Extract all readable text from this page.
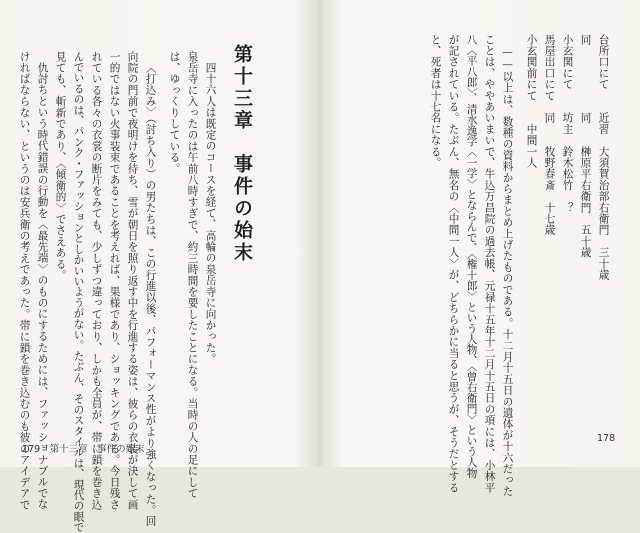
第十三章　事件の始末
四十六人は既定のコースを経て、高輪の泉岳寺に向かった。
泉岳寺に入ったのは午前八時すぎで、約三時間を要したことになる。当時の人の足にして
は、ゆっくりしている。
〈打込み〉（討ち入り）の男たちは、この行進以後、パフォーマンス性がより強くなった。回
向院の門前で夜明けを待ち、雪が朝日を照り返す中を行進する姿は、彼らの衣装が決して画
一的ではない火事装束であることを考えれば、果様であり、ショッキングである。今日残さ
れている各々の衣裳の断片をみても、少しずつ違っており、しかも全員が、帯に鎖を巻き込
んでいるのは、パンク・ファッションとしかいいようがない。たぶん、そのスタイルは、現代の眼で
見ても、斬新であり、〈傾衛的〉でさえある。
仇討ちという時代錯誤の行動を〈最先端〉のものにするためには、ファッショナブルでな
ければならない、というのは安兵衛の考えであった。帯に鎖を巻き込むのも彼のアイデアで
179　第十三章　事件の始末
台所口にて　　近習　大須賀治部右衛門　三十歳
同　　　　　　同　　榊原平右衛門　五十歳
小玄関にて　　坊主　鈴木松竹　？
馬屋出口にて　同　　牧野春斎　十七歳
小玄関前にて　　中間一人
——以上は、数種の資料からまとめ上げたものである。十二月十五日の遺体が十六だった
ことは、ややあいまいで、牛込万昌院の過去帳、元禄十五年十二月十五日の項には、小林平
八〈平八郎〉、清水逸学〈一学〉とならんで、〈権十郎〉という人物、〈曾右衛門〉という人物
が記されている。たぶん、無名の〈中間一人〉が、どちらかに当ると思うが、そうだとする
と、死者は十七名になる。
178
